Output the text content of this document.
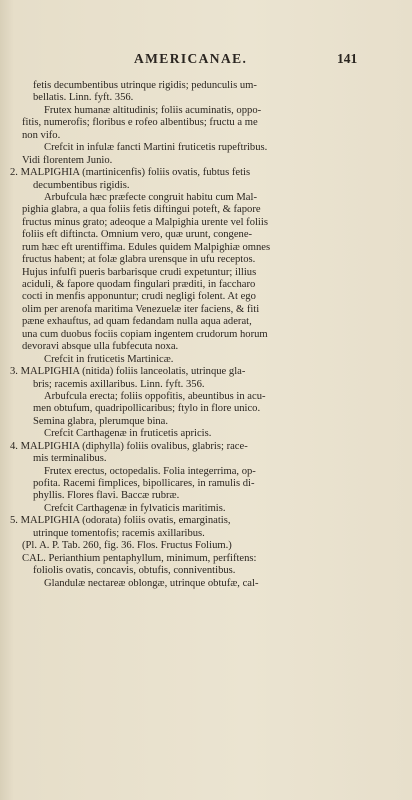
AMERICANAE.	141
fetis decumbentibus utrinque rigidis; pedunculis um-
bellatis. Linn. fyft. 356.
Frutex humanæ altitudinis; foliis acuminatis, oppo-
fitis, numerofis; floribus e rofeo albentibus; fructu a me
non vifo.
Crefcit in infulæ fancti Martini fruticetis rupeftribus.
Vidi florentem Junio.
2. MALPIGHIA (martinicenfis) foliis ovatis, fubtus fetis
decumbentibus rigidis.
Arbufcula hæc præfecte congruit habitu cum Mal-
pighia glabra, a qua foliis fetis diftingui poteft, & fapore
fructus minus grato; adeoque a Malpighia urente vel foliis
foliis eft diftincta. Omnium vero, quæ urunt, congene-
rum hæc eft urentiffima. Edules quidem Malpighiæ omnes
fructus habent; at folæ glabra urensque in ufu receptos.
Hujus infulfi pueris barbarisque crudi expetuntur; illius
aciduli, & fapore quodam fingulari præditi, in faccharo
cocti in menfis apponuntur; crudi negligi folent. At ego
olim per arenofa maritima Venezuelæ iter faciens, & fiti
pæne exhauftus, ad quam fedandam nulla aqua aderat,
una cum duobus fociis copiam ingentem crudorum horum
devoravi absque ulla fubfecuta noxa.
Crefcit in fruticetis Martinicæ.
3. MALPIGHIA (nitida) foliis lanceolatis, utrinque gla-
bris; racemis axillaribus. Linn. fyft. 356.
Arbufcula erecta; foliis oppofitis, abeuntibus in acu-
men obtufum, quadripollicaribus; ftylo in flore unico.
Semina glabra, plerumque bina.
Crefcit Carthagenæ in fruticetis apricis.
4. MALPIGHIA (diphylla) foliis ovalibus, glabris; race-
mis terminalibus.
Frutex erectus, octopedalis. Folia integerrima, op-
pofita. Racemi fimplices, bipollicares, in ramulis di-
phyllis. Flores flavi. Baccæ rubræ.
Crefcit Carthagenæ in fylvaticis maritimis.
5. MALPIGHIA (odorata) foliis ovatis, emarginatis,
utrinque tomentofis; racemis axillaribus.
(Pl. A. P. Tab. 260, fig. 36. Flos. Fructus Folium.)
CAL. Perianthium pentaphyllum, minimum, perfiftens:
foliolis ovatis, concavis, obtufis, conniventibus.
Glandulæ nectareæ oblongæ, utrinque obtufæ, cal-
